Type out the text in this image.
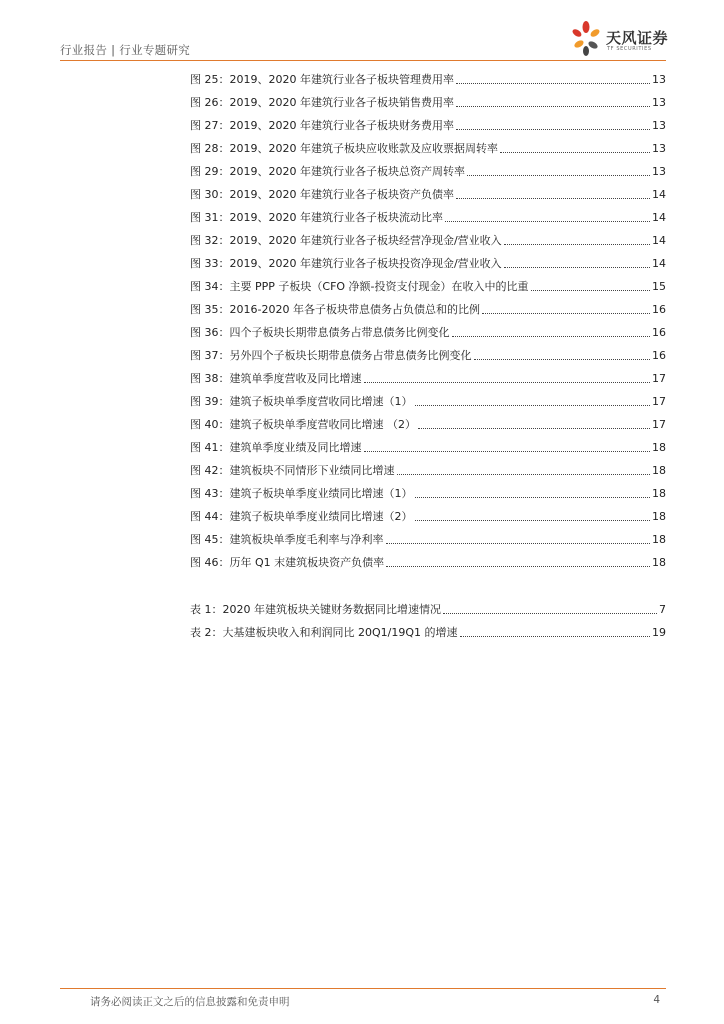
行业报告 | 行业专题研究
天风证券
TF SECURITIES
图 25：2019、2020 年建筑行业各子板块管理费用率	13
图 26：2019、2020 年建筑行业各子板块销售费用率	13
图 27：2019、2020 年建筑行业各子板块财务费用率	13
图 28：2019、2020 年建筑子板块应收账款及应收票据周转率	13
图 29：2019、2020 年建筑行业各子板块总资产周转率	13
图 30：2019、2020 年建筑行业各子板块资产负债率	14
图 31：2019、2020 年建筑行业各子板块流动比率	14
图 32：2019、2020 年建筑行业各子板块经营净现金/营业收入	14
图 33：2019、2020 年建筑行业各子板块投资净现金/营业收入	14
图 34：主要 PPP 子板块（CFO 净额-投资支付现金）在收入中的比重	15
图 35：2016-2020 年各子板块带息债务占负债总和的比例	16
图 36：四个子板块长期带息债务占带息债务比例变化	16
图 37：另外四个子板块长期带息债务占带息债务比例变化	16
图 38：建筑单季度营收及同比增速	17
图 39：建筑子板块单季度营收同比增速（1）	17
图 40：建筑子板块单季度营收同比增速 （2）	17
图 41：建筑单季度业绩及同比增速	18
图 42：建筑板块不同情形下业绩同比增速	18
图 43：建筑子板块单季度业绩同比增速（1）	18
图 44：建筑子板块单季度业绩同比增速（2）	18
图 45：建筑板块单季度毛利率与净利率	18
图 46：历年 Q1 末建筑板块资产负债率	18
表 1：2020 年建筑板块关键财务数据同比增速情况	7
表 2：大基建板块收入和利润同比 20Q1/19Q1 的增速	19
请务必阅读正文之后的信息披露和免责申明	4
